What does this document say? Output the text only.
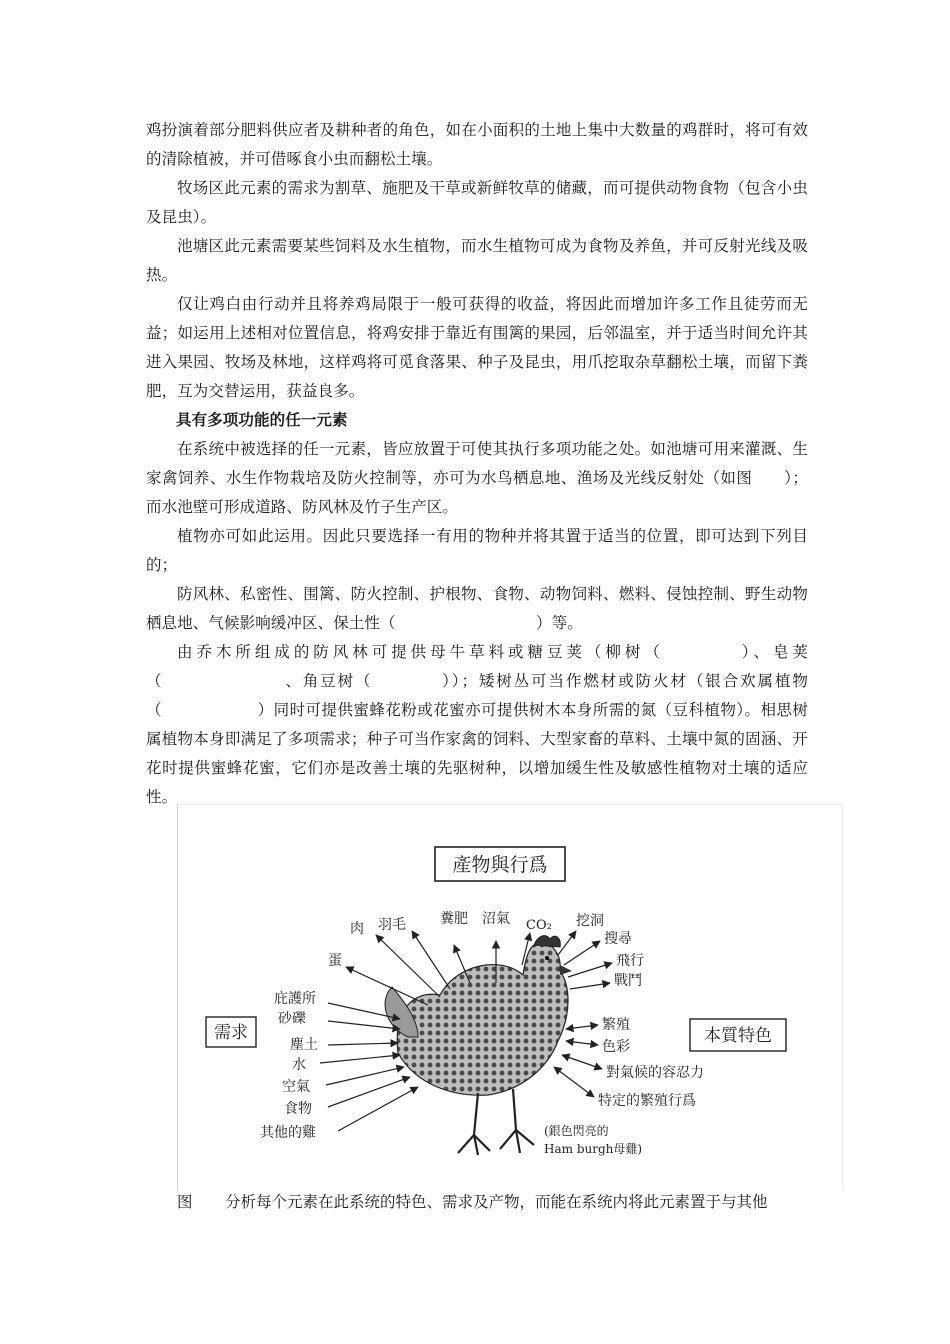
鸡扮演着部分肥料供应者及耕种者的角色，如在小面积的土地上集中大数量的鸡群时，将可有效的清除植被，并可借啄食小虫而翻松土壤。

牧场区此元素的需求为割草、施肥及干草或新鲜牧草的储藏，而可提供动物食物（包含小虫及昆虫）。

池塘区此元素需要某些饲料及水生植物，而水生植物可成为食物及养鱼，并可反射光线及吸热。

仅让鸡白由行动并且将养鸡局限于一般可获得的收益，将因此而增加许多工作且徒劳而无益；如运用上述相对位置信息，将鸡安排于靠近有围篱的果园，后邻温室，并于适当时间允许其进入果园、牧场及林地，这样鸡将可觅食落果、种子及昆虫，用爪挖取杂草翻松土壤，而留下粪肥，互为交替运用，获益良多。

具有多项功能的任一元素

在系统中被选择的任一元素，皆应放置于可使其执行多项功能之处。如池塘可用来灌溉、生家禽饲养、水生作物栽培及防火控制等，亦可为水鸟栖息地、渔场及光线反射处（如图　　）；而水池壁可形成道路、防风林及竹子生产区。

植物亦可如此运用。因此只要选择一有用的物种并将其置于适当的位置，即可达到下列目的；

防风林、私密性、围篱、防火控制、护根物、食物、动物饲料、燃料、侵蚀控制、野生动物栖息地、气候影响缓冲区、保土性（　　　　　　　　　）等。

由乔木所组成的防风林可提供母牛草料或糖豆荚（柳树（　　　　）、皂荚（　　　　　　　、角豆树（　　　　））；矮树丛可当作燃材或防火材（银合欢属植物（　　　　　　）同时可提供蜜蜂花粉或花蜜亦可提供树木本身所需的氮（豆科植物）。相思树属植物本身即满足了多项需求；种子可当作家禽的饲料、大型家畜的草料、土壤中氮的固涵、开花时提供蜜蜂花蜜，它们亦是改善土壤的先驱树种，以增加缓生性及敏感性植物对土壤的适应性。

產物與行爲
需求	本質特色
蛋
肉 羽毛 糞肥 沼氣 CO₂ 挖洞
搜尋
飛行
戰鬥
庇護所
砂礫
塵土
水
空氣
食物
其他的雞
繁殖
色彩
對氣候的容忍力
特定的繁殖行爲
(銀色閃亮的
Ham burgh母雞)
图 分析每个元素在此系统的特色、需求及产物，而能在系统内将此元素置于与其他
